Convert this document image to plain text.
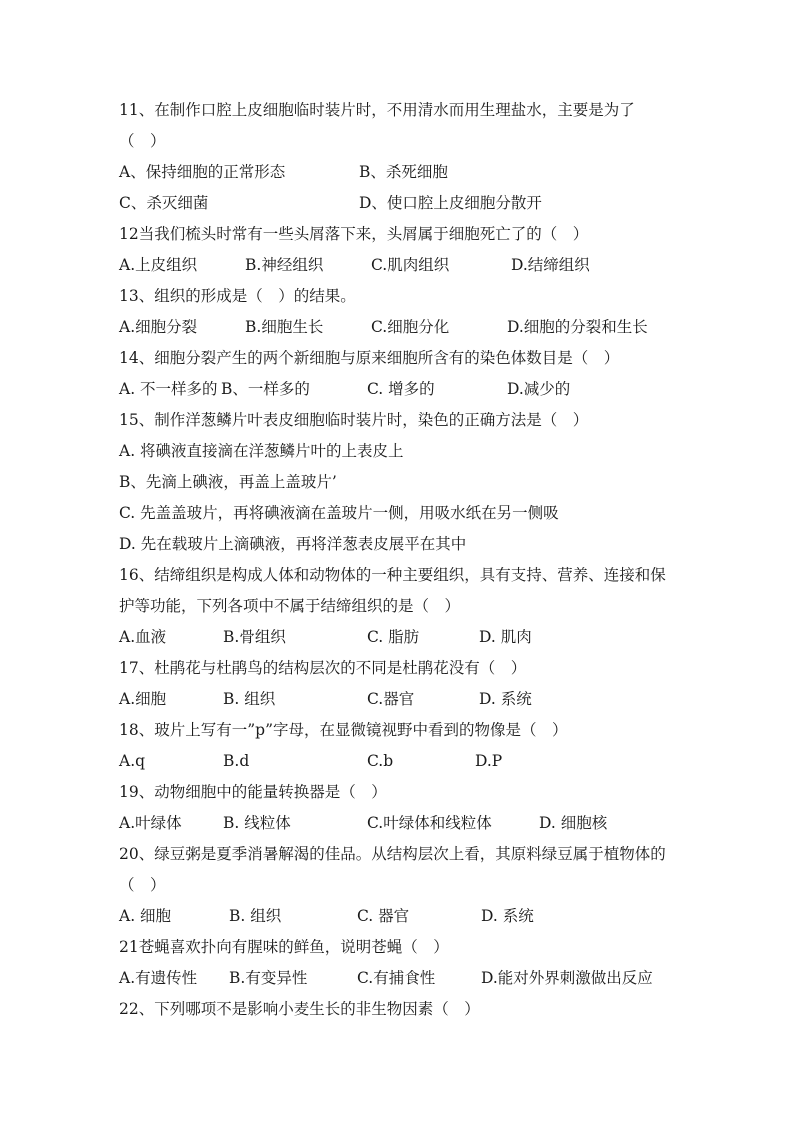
11、在制作口腔上皮细胞临时装片时，不用清水而用生理盐水，主要是为了
（　）
A、保持细胞的正常形态	B、杀死细胞
C、杀灭细菌	D、使口腔上皮细胞分散开
12当我们梳头时常有一些头屑落下来，头屑属于细胞死亡了的（　）
A.上皮组织	B.神经组织	C.肌肉组织	D.结缔组织
13、组织的形成是（　）的结果。
A.细胞分裂	B.细胞生长	C.细胞分化	D.细胞的分裂和生长
14、细胞分裂产生的两个新细胞与原来细胞所含有的染色体数目是（　）
A. 不一样多的 B、一样多的	C. 增多的	D.减少的
15、制作洋葱鳞片叶表皮细胞临时装片时，染色的正确方法是（　）
A. 将碘液直接滴在洋葱鳞片叶的上表皮上
B、先滴上碘液，再盖上盖玻片’
C. 先盖盖玻片，再将碘液滴在盖玻片一侧，用吸水纸在另一侧吸
D. 先在载玻片上滴碘液，再将洋葱表皮展平在其中
16、结缔组织是构成人体和动物体的一种主要组织，具有支持、营养、连接和保
护等功能，下列各项中不属于结缔组织的是（　）
A.血液	B.骨组织	C. 脂肪	D. 肌肉
17、杜鹃花与杜鹃鸟的结构层次的不同是杜鹃花没有（　）
A.细胞	B. 组织	C.器官	D. 系统
18、玻片上写有一”p”字母，在显微镜视野中看到的物像是（　）
A.q	B.d	C.b	D.P
19、动物细胞中的能量转换器是（　）
A.叶绿体	B. 线粒体	C.叶绿体和线粒体	D. 细胞核
20、绿豆粥是夏季消暑解渴的佳品。从结构层次上看，其原料绿豆属于植物体的
（　）
A. 细胞	B. 组织	C. 器官	D. 系统
21苍蝇喜欢扑向有腥味的鲜鱼，说明苍蝇（　）
A.有遗传性 B.有变异性	C.有捕食性	D.能对外界刺激做出反应
22、下列哪项不是影响小麦生长的非生物因素（　）
